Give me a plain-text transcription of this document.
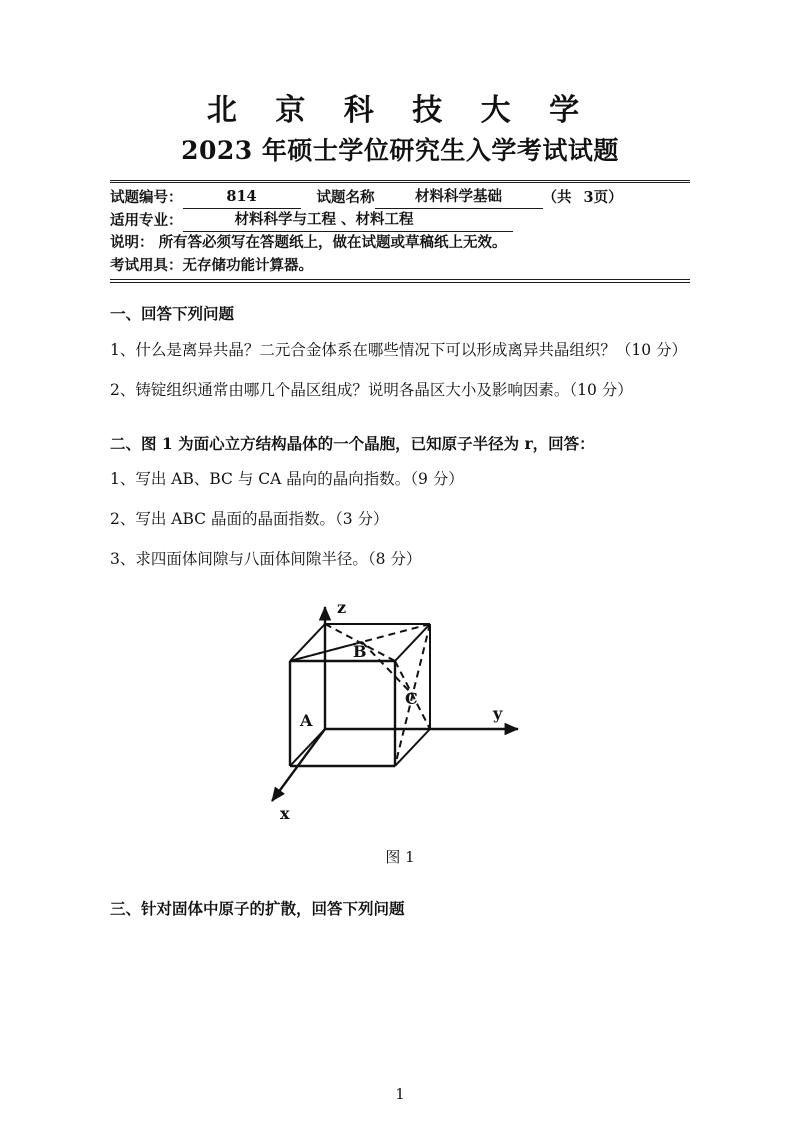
北 京 科 技 大 学
2023 年硕士学位研究生入学考试试题
试题编号：	814	试题名称	材料科学基础	（共 3页）
适用专业：	材料科学与工程 、材料工程
说明： 所有答必须写在答题纸上，做在试题或草稿纸上无效。
考试用具：无存储功能计算器。
一、回答下列问题
1、什么是离异共晶？二元合金体系在哪些情况下可以形成离异共晶组织？（10 分）
2、铸锭组织通常由哪几个晶区组成？说明各晶区大小及影响因素。（10 分）
二、图 1 为面心立方结构晶体的一个晶胞，已知原子半径为 r，回答：
1、写出 AB、BC 与 CA 晶向的晶向指数。（9 分）
2、写出 ABC 晶面的晶面指数。（3 分）
3、求四面体间隙与八面体间隙半径。（8 分）
B
C
A
z
y
x
图 1
三、针对固体中原子的扩散，回答下列问题
1
